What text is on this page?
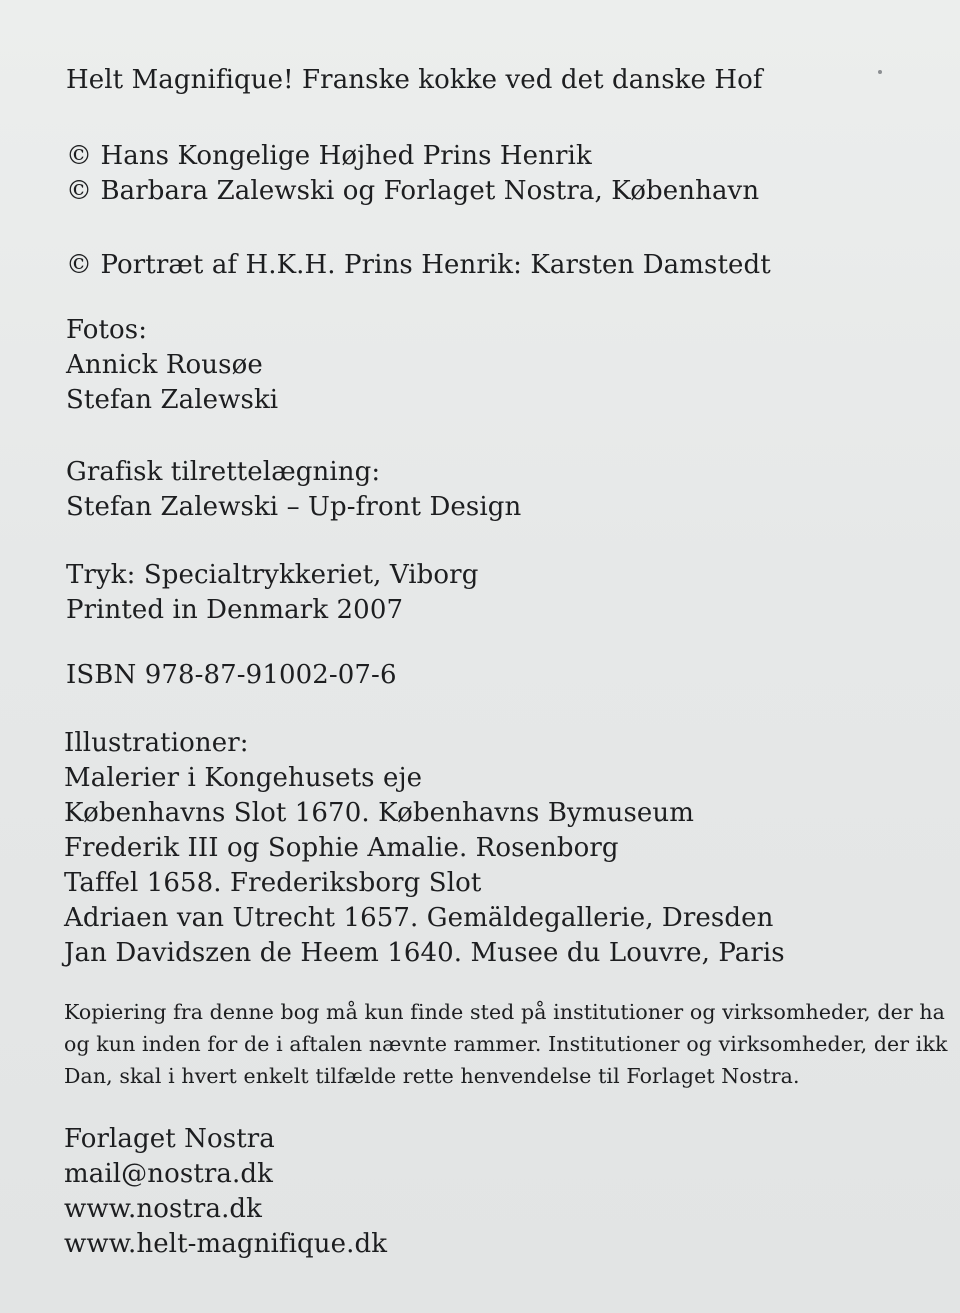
Helt Magnifique! Franske kokke ved det danske Hof
© Hans Kongelige Højhed Prins Henrik
© Barbara Zalewski og Forlaget Nostra, København
© Portræt af H.K.H. Prins Henrik: Karsten Damstedt
Fotos:
Annick Rousøe
Stefan Zalewski
Grafisk tilrettelægning:
Stefan Zalewski – Up-front Design
Tryk: Specialtrykkeriet, Viborg
Printed in Denmark 2007
ISBN 978-87-91002-07-6
Illustrationer:
Malerier i Kongehusets eje
Københavns Slot 1670. Københavns Bymuseum
Frederik III og Sophie Amalie. Rosenborg
Taffel 1658. Frederiksborg Slot
Adriaen van Utrecht 1657. Gemäldegallerie, Dresden
Jan Davidszen de Heem 1640. Musee du Louvre, Paris
Kopiering fra denne bog må kun finde sted på institutioner og virksomheder, der ha
og kun inden for de i aftalen nævnte rammer. Institutioner og virksomheder, der ikk
Dan, skal i hvert enkelt tilfælde rette henvendelse til Forlaget Nostra.
Forlaget Nostra
mail@nostra.dk
www.nostra.dk
www.helt-magnifique.dk
